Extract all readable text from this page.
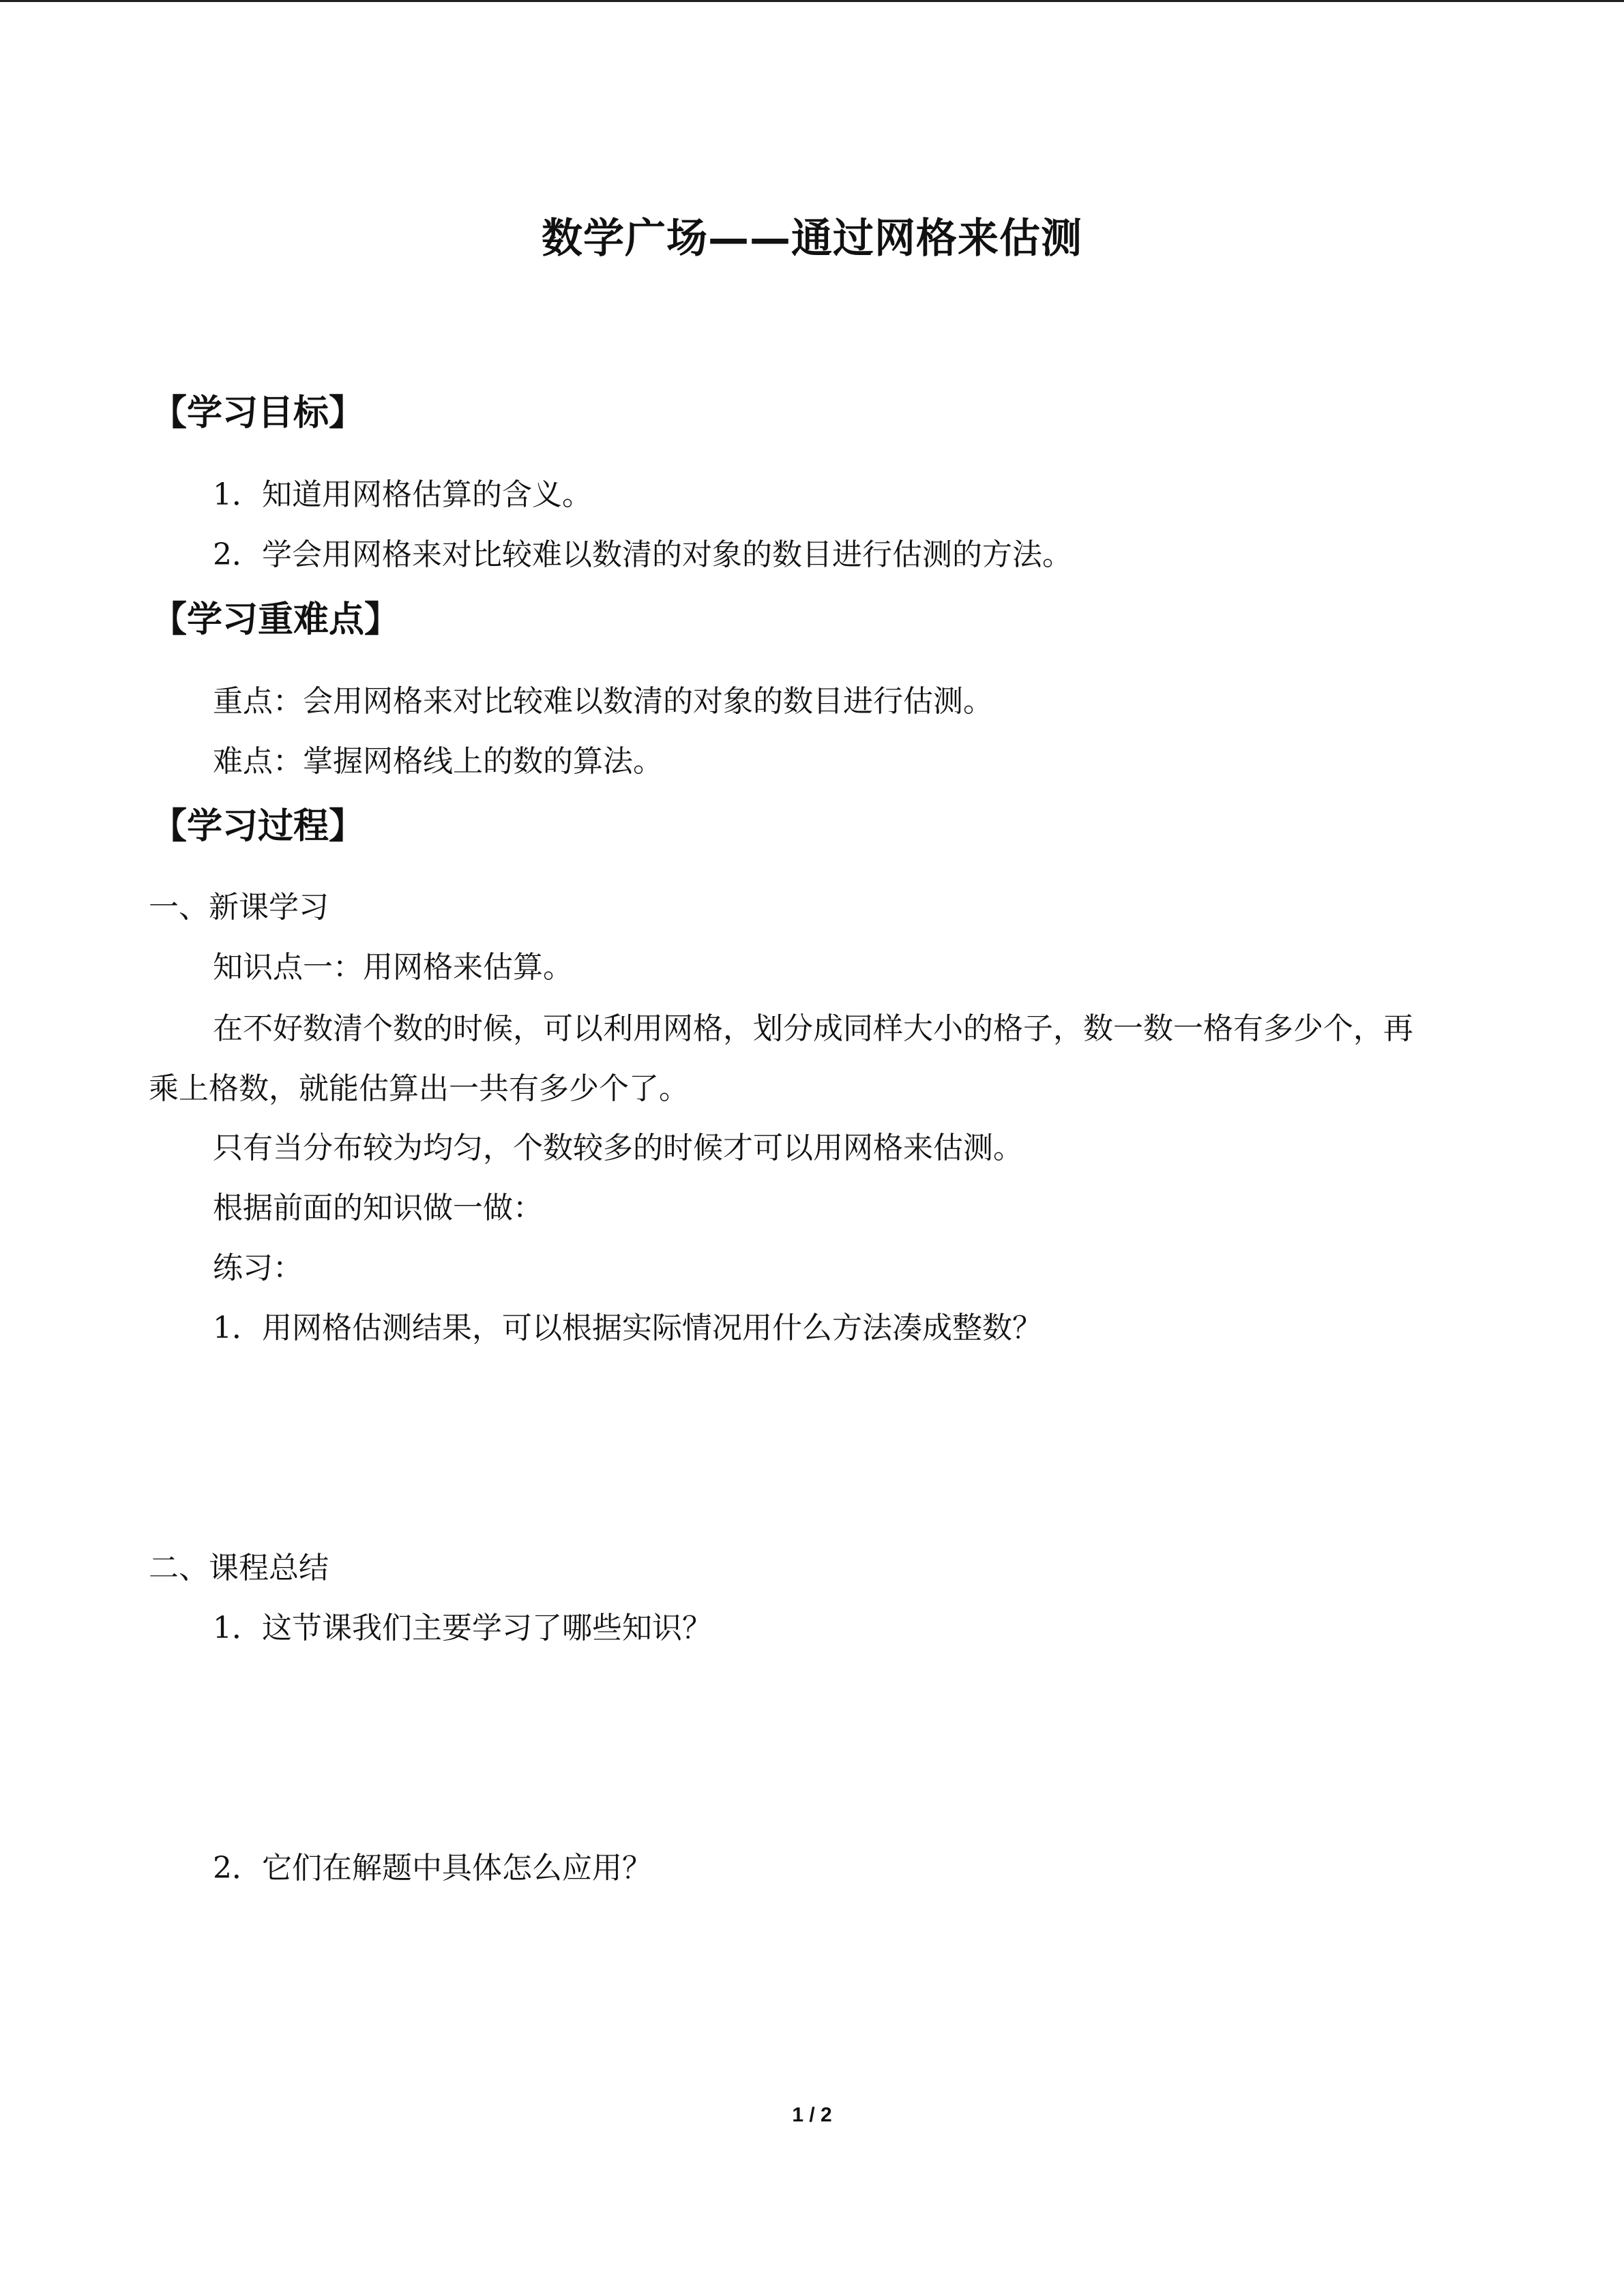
数学广场——通过网格来估测
【学习目标】
1．知道用网格估算的含义。
2．学会用网格来对比较难以数清的对象的数目进行估测的方法。
【学习重难点】
重点：会用网格来对比较难以数清的对象的数目进行估测。
难点：掌握网格线上的数的算法。
【学习过程】
一、新课学习
知识点一：用网格来估算。
在不好数清个数的时候，可以利用网格，划分成同样大小的格子，数一数一格有多少个，再乘上格数，就能估算出一共有多少个了。
只有当分布较为均匀，个数较多的时候才可以用网格来估测。
根据前面的知识做一做：
练习：
1．用网格估测结果，可以根据实际情况用什么方法凑成整数？
二、课程总结
1．这节课我们主要学习了哪些知识？
2．它们在解题中具体怎么应用？
1 / 2
